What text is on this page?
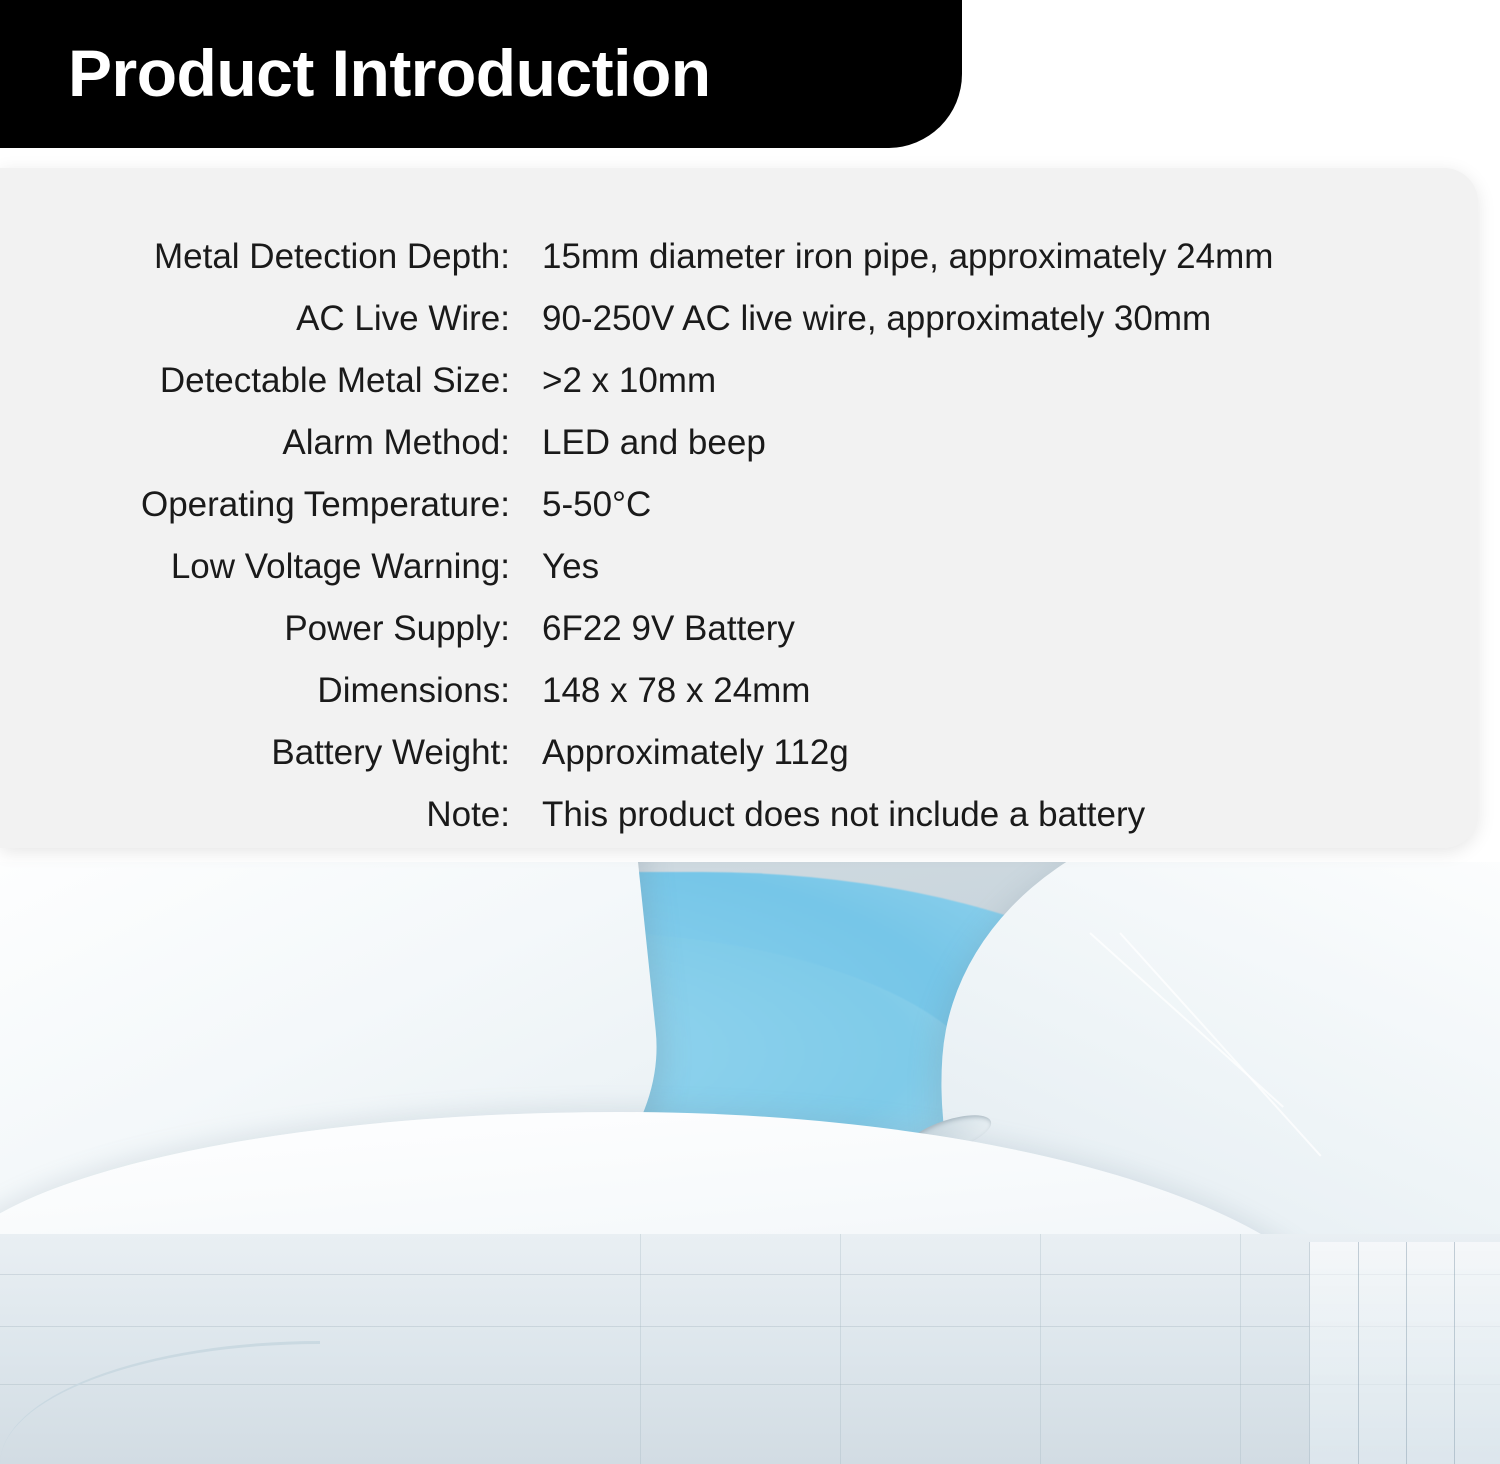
Product Introduction
Metal Detection Depth:	15mm diameter iron pipe, approximately 24mm
AC Live Wire:	90-250V AC live wire, approximately 30mm
Detectable Metal Size:	>2 x 10mm
Alarm Method:	LED and beep
Operating Temperature:	5-50°C
Low Voltage Warning:	Yes
Power Supply:	6F22 9V Battery
Dimensions:	148 x 78 x 24mm
Battery Weight:	Approximately 112g
Note:	This product does not include a battery
